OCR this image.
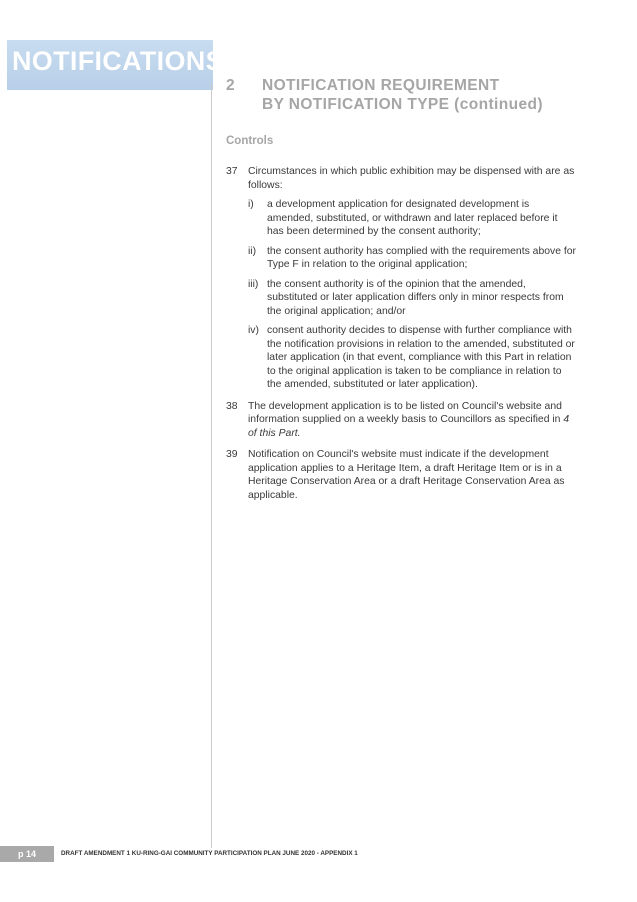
NOTIFICATIONS
2 NOTIFICATION REQUIREMENT
BY NOTIFICATION TYPE (continued)
Controls
37 Circumstances in which public exhibition may be dispensed with are as follows:
i) a development application for designated development is amended, substituted, or withdrawn and later replaced before it has been determined by the consent authority;
ii) the consent authority has complied with the requirements above for Type F in relation to the original application;
iii) the consent authority is of the opinion that the amended, substituted or later application differs only in minor respects from the original application; and/or
iv) consent authority decides to dispense with further compliance with the notification provisions in relation to the amended, substituted or later application (in that event, compliance with this Part in relation to the original application is taken to be compliance in relation to the amended, substituted or later application).
38 The development application is to be listed on Council's website and information supplied on a weekly basis to Councillors as specified in 4 of this Part.
39 Notification on Council's website must indicate if the development application applies to a Heritage Item, a draft Heritage Item or is in a Heritage Conservation Area or a draft Heritage Conservation Area as applicable.
p 14	DRAFT AMENDMENT 1 KU-RING-GAI COMMUNITY PARTICIPATION PLAN JUNE 2020 - APPENDIX 1
